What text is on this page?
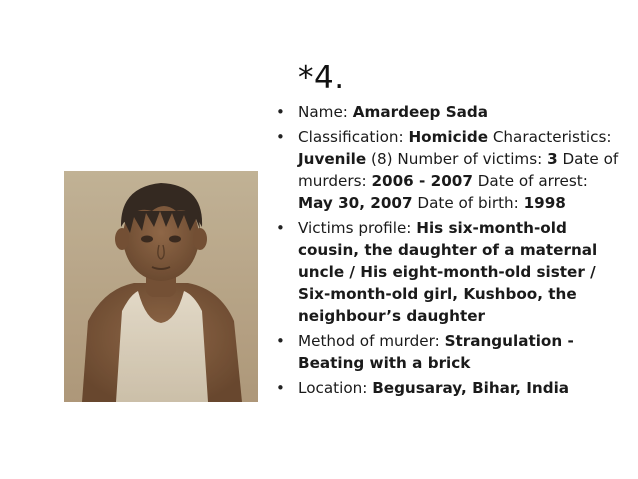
*4.
• Name: Amardeep Sada
• Classification: Homicide Characteristics: Juvenile (8) Number of victims: 3 Date of murders: 2006 - 2007 Date of arrest: May 30, 2007 Date of birth: 1998
• Victims profile: His six-month-old cousin, the daughter of a maternal uncle / His eight-month-old sister / Six-month-old girl, Kushboo, the neighbour’s daughter
• Method of murder: Strangulation - Beating with a brick
• Location: Begusaray, Bihar, India
